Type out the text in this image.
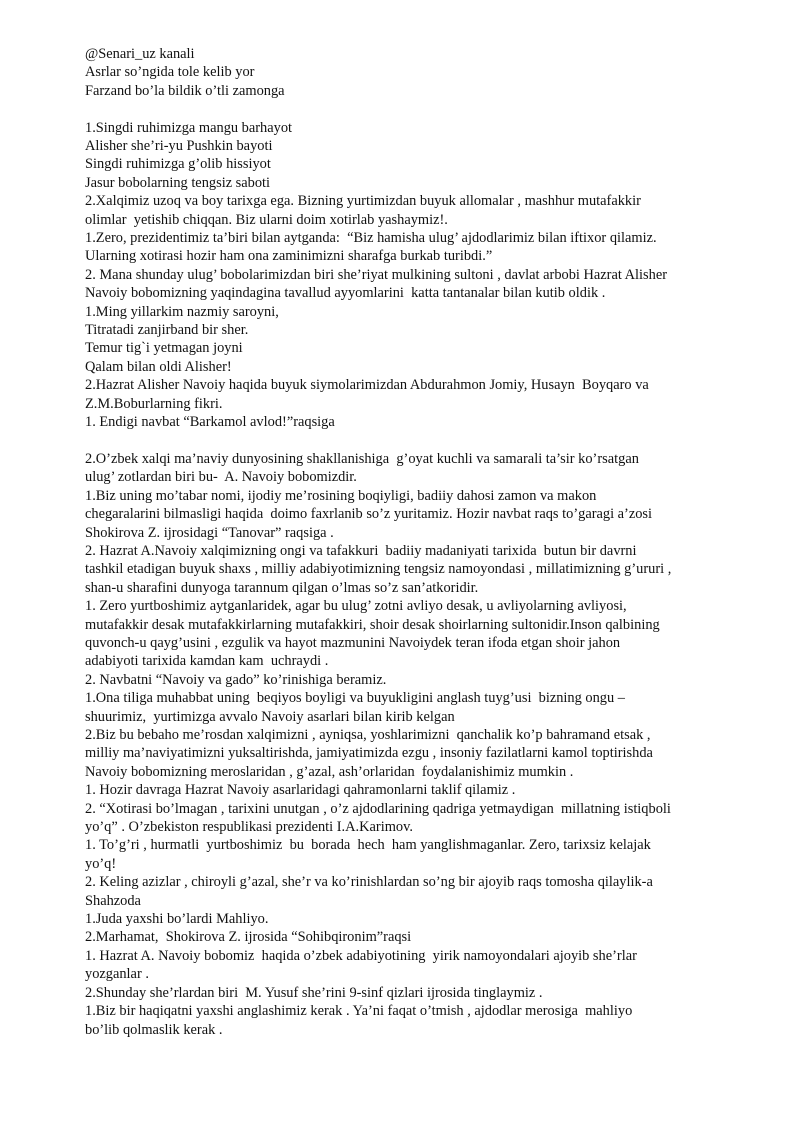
@Senari_uz kanali
Asrlar so’ngida tole kelib yor
Farzand bo’la bildik o’tli zamonga
1.Singdi ruhimizga mangu barhayot
Alisher she’ri-yu Pushkin bayoti
Singdi ruhimizga g’olib hissiyot
Jasur bobolarning tengsiz saboti
2.Xalqimiz uzoq va boy tarixga ega. Bizning yurtimizdan buyuk allomalar , mashhur mutafakkir
olimlar  yetishib chiqqan. Biz ularni doim xotirlab yashaymiz!.
1.Zero, prezidentimiz ta’biri bilan aytganda:  “Biz hamisha ulug’ ajdodlarimiz bilan iftixor qilamiz.
Ularning xotirasi hozir ham ona zaminimizni sharafga burkab turibdi.”
2. Mana shunday ulug’ bobolarimizdan biri she’riyat mulkining sultoni , davlat arbobi Hazrat Alisher
Navoiy bobomizning yaqindagina tavallud ayyomlarini  katta tantanalar bilan kutib oldik .
1.Ming yillarkim nazmiy saroyni,
Titratadi zanjirband bir sher.
Temur tig`i yetmagan joyni
Qalam bilan oldi Alisher!
2.Hazrat Alisher Navoiy haqida buyuk siymolarimizdan Abdurahmon Jomiy, Husayn  Boyqaro va
Z.M.Boburlarning fikri.
1. Endigi navbat “Barkamol avlod!”raqsiga
2.O’zbek xalqi ma’naviy dunyosining shakllanishiga  g’oyat kuchli va samarali ta’sir ko’rsatgan
ulug’ zotlardan biri bu-  A. Navoiy bobomizdir.
1.Biz uning mo’tabar nomi, ijodiy me’rosining boqiyligi, badiiy dahosi zamon va makon
chegaralarini bilmasligi haqida  doimo faxrlanib so’z yuritamiz. Hozir navbat raqs to’garagi a’zosi
Shokirova Z. ijrosidagi “Tanovar” raqsiga .
2. Hazrat A.Navoiy xalqimizning ongi va tafakkuri  badiiy madaniyati tarixida  butun bir davrni
tashkil etadigan buyuk shaxs , milliy adabiyotimizning tengsiz namoyondasi , millatimizning g’ururi ,
shan-u sharafini dunyoga tarannum qilgan o’lmas so’z san’atkoridir.
1. Zero yurtboshimiz aytganlaridek, agar bu ulug’ zotni avliyo desak, u avliyolarning avliyosi,
mutafakkir desak mutafakkirlarning mutafakkiri, shoir desak shoirlarning sultonidir.Inson qalbining
quvonch-u qayg’usini , ezgulik va hayot mazmunini Navoiydek teran ifoda etgan shoir jahon
adabiyoti tarixida kamdan kam  uchraydi .
2. Navbatni “Navoiy va gado” ko’rinishiga beramiz.
1.Ona tiliga muhabbat uning  beqiyos boyligi va buyukligini anglash tuyg’usi  bizning ongu –
shuurimiz,  yurtimizga avvalo Navoiy asarlari bilan kirib kelgan
2.Biz bu bebaho me’rosdan xalqimizni , ayniqsa, yoshlarimizni  qanchalik ko’p bahramand etsak ,
milliy ma’naviyatimizni yuksaltirishda, jamiyatimizda ezgu , insoniy fazilatlarni kamol toptirishda
Navoiy bobomizning meroslaridan , g’azal, ash’orlaridan  foydalanishimiz mumkin .
1. Hozir davraga Hazrat Navoiy asarlaridagi qahramonlarni taklif qilamiz .
2. “Xotirasi bo’lmagan , tarixini unutgan , o’z ajdodlarining qadriga yetmaydigan  millatning istiqboli
yo’q” . O’zbekiston respublikasi prezidenti I.A.Karimov.
1. To’g’ri , hurmatli  yurtboshimiz  bu  borada  hech  ham yanglishmaganlar. Zero, tarixsiz kelajak
yo’q!
2. Keling azizlar , chiroyli g’azal, she’r va ko’rinishlardan so’ng bir ajoyib raqs tomosha qilaylik-a
Shahzoda
1.Juda yaxshi bo’lardi Mahliyo.
2.Marhamat,  Shokirova Z. ijrosida “Sohibqironim”raqsi
1. Hazrat A. Navoiy bobomiz  haqida o’zbek adabiyotining  yirik namoyondalari ajoyib she’rlar
yozganlar .
2.Shunday she’rlardan biri  M. Yusuf she’rini 9-sinf qizlari ijrosida tinglaymiz .
1.Biz bir haqiqatni yaxshi anglashimiz kerak . Ya’ni faqat o’tmish , ajdodlar merosiga  mahliyo
bo’lib qolmaslik kerak .
